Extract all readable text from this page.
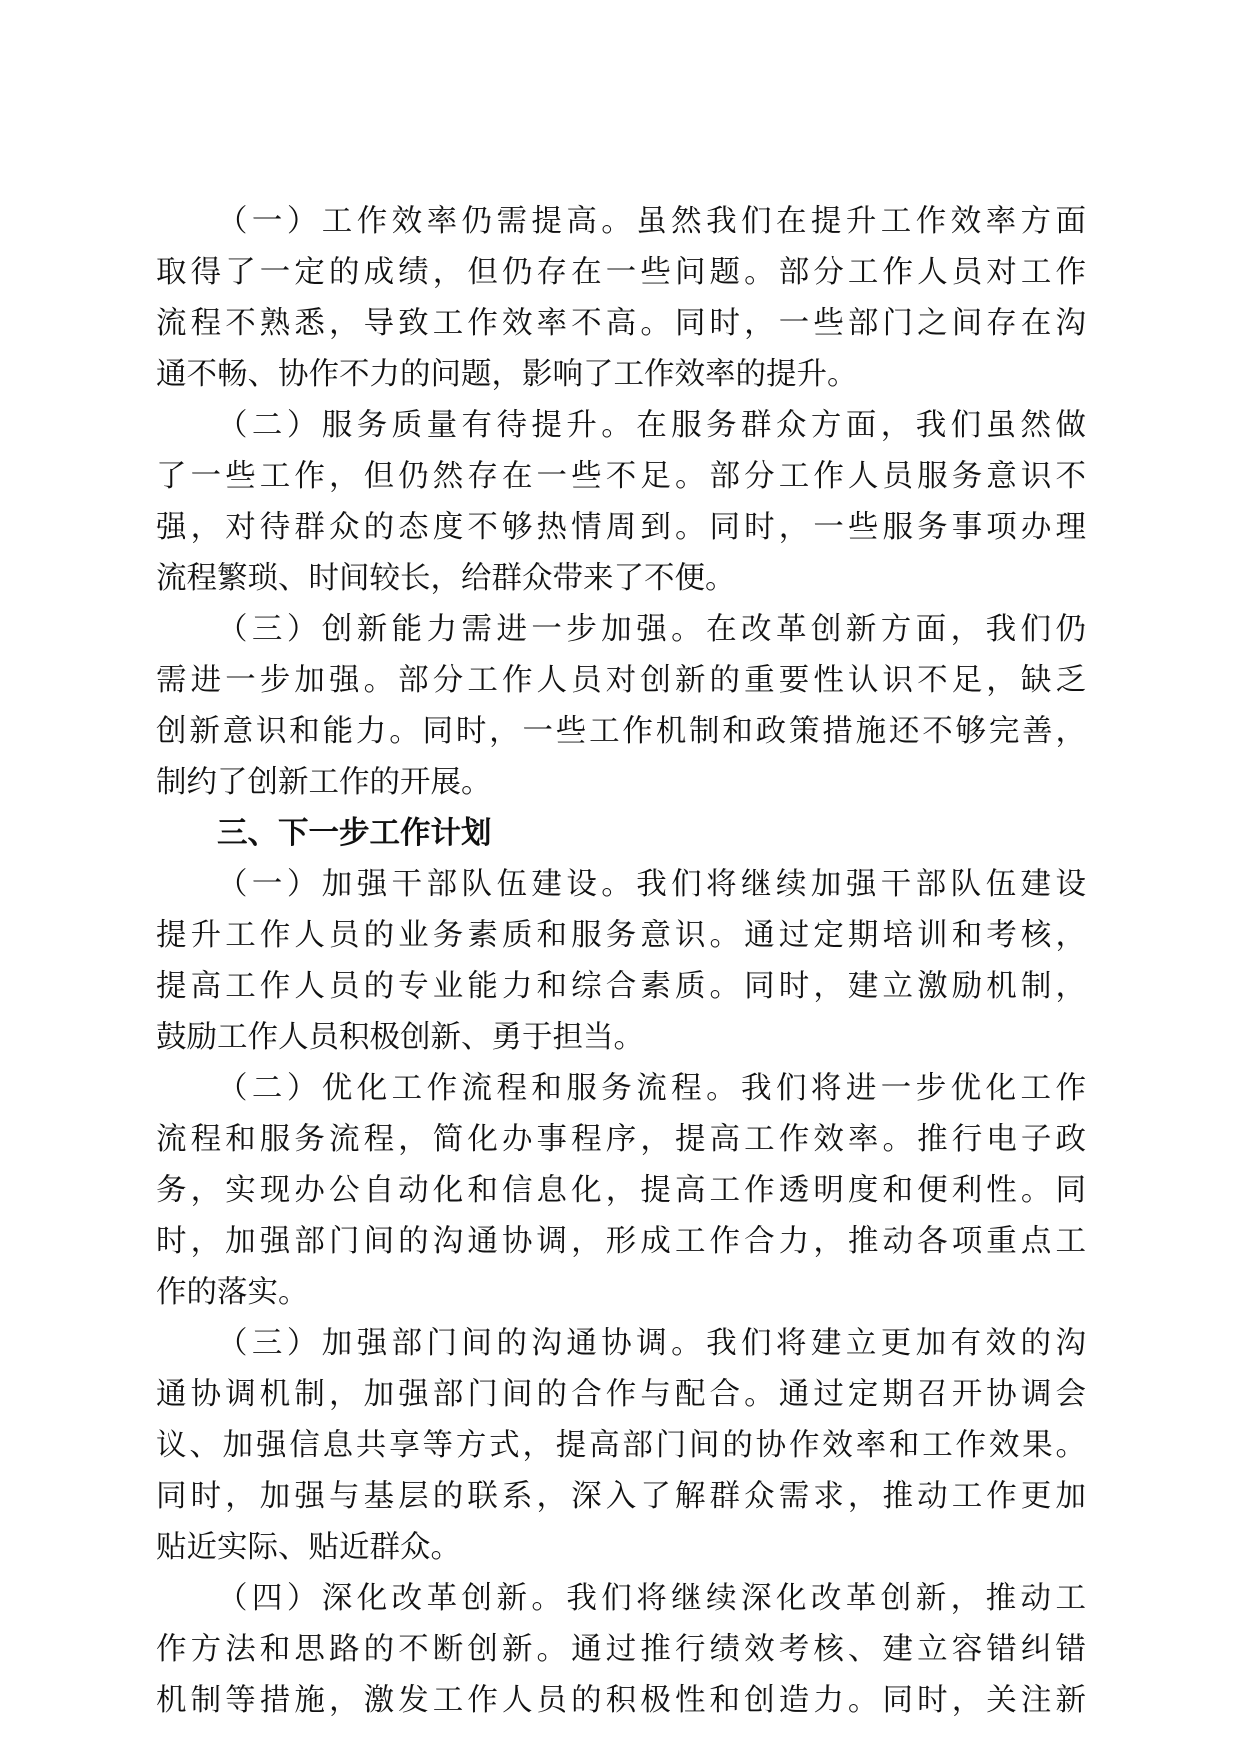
（一）工作效率仍需提高。虽然我们在提升工作效率方面

取得了一定的成绩，但仍存在一些问题。部分工作人员对工作

流程不熟悉，导致工作效率不高。同时，一些部门之间存在沟

通不畅、协作不力的问题，影响了工作效率的提升。

（二）服务质量有待提升。在服务群众方面，我们虽然做

了一些工作，但仍然存在一些不足。部分工作人员服务意识不

强，对待群众的态度不够热情周到。同时，一些服务事项办理

流程繁琐、时间较长，给群众带来了不便。

（三）创新能力需进一步加强。在改革创新方面，我们仍

需进一步加强。部分工作人员对创新的重要性认识不足，缺乏

创新意识和能力。同时，一些工作机制和政策措施还不够完善，

制约了创新工作的开展。

三、下一步工作计划

（一）加强干部队伍建设。我们将继续加强干部队伍建设

提升工作人员的业务素质和服务意识。通过定期培训和考核，

提高工作人员的专业能力和综合素质。同时，建立激励机制，

鼓励工作人员积极创新、勇于担当。

（二）优化工作流程和服务流程。我们将进一步优化工作

流程和服务流程，简化办事程序，提高工作效率。推行电子政

务，实现办公自动化和信息化，提高工作透明度和便利性。同

时，加强部门间的沟通协调，形成工作合力，推动各项重点工

作的落实。

（三）加强部门间的沟通协调。我们将建立更加有效的沟

通协调机制，加强部门间的合作与配合。通过定期召开协调会

议、加强信息共享等方式，提高部门间的协作效率和工作效果。

同时，加强与基层的联系，深入了解群众需求，推动工作更加

贴近实际、贴近群众。

（四）深化改革创新。我们将继续深化改革创新，推动工

作方法和思路的不断创新。通过推行绩效考核、建立容错纠错

机制等措施，激发工作人员的积极性和创造力。同时，关注新
